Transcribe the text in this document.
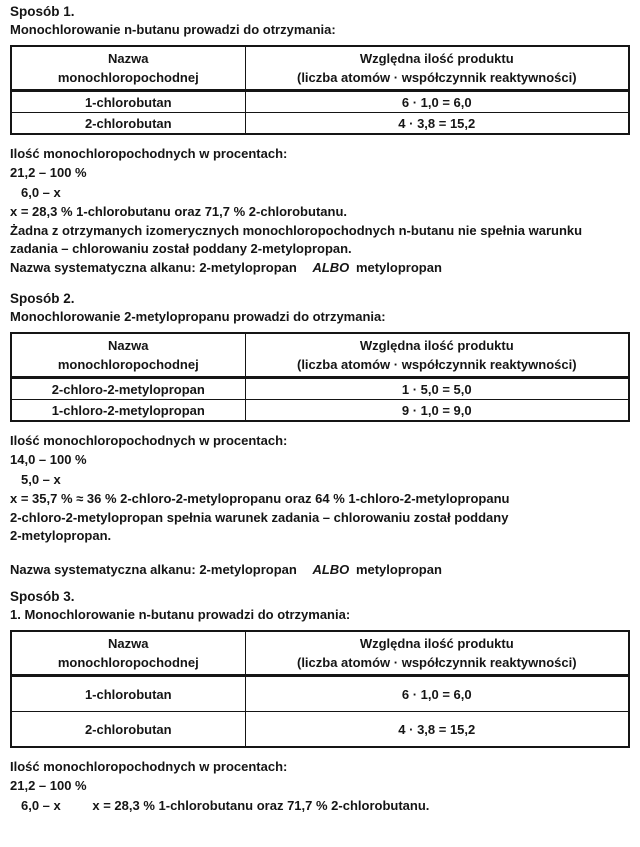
Sposób 1.
Monochlorowanie n-butanu prowadzi do otrzymania:
Nazwa
monochloropochodnej

Względna ilość produktu
(liczba atomów · współczynnik reaktywności)

1-chlorobutan	6 · 1,0 = 6,0
2-chlorobutan	4 · 3,8 = 15,2
Ilość monochloropochodnych w procentach:
21,2 – 100 %
6,0 – x
x = 28,3 % 1-chlorobutanu oraz 71,7 % 2-chlorobutanu.
Żadna z otrzymanych izomerycznych monochloropochodnych n-butanu nie spełnia warunku
zadania – chlorowaniu został poddany 2-metylopropan.
Nazwa systematyczna alkanu: 2-metylopropan ALBO metylopropan
Sposób 2.
Monochlorowanie 2-metylopropanu prowadzi do otrzymania:
Nazwa
monochloropochodnej

Względna ilość produktu
(liczba atomów · współczynnik reaktywności)

2-chloro-2-metylopropan	1 · 5,0 = 5,0
1-chloro-2-metylopropan	9 · 1,0 = 9,0
Ilość monochloropochodnych w procentach:
14,0 – 100 %
5,0 – x
x = 35,7 % ≈ 36 % 2-chloro-2-metylopropanu oraz 64 % 1-chloro-2-metylopropanu
2-chloro-2-metylopropan spełnia warunek zadania – chlorowaniu został poddany
2-metylopropan.
Nazwa systematyczna alkanu: 2-metylopropan ALBO metylopropan
Sposób 3.
1. Monochlorowanie n-butanu prowadzi do otrzymania:
Nazwa
monochloropochodnej

Względna ilość produktu
(liczba atomów · współczynnik reaktywności)

1-chlorobutan	6 · 1,0 = 6,0
2-chlorobutan	4 · 3,8 = 15,2
Ilość monochloropochodnych w procentach:
21,2 – 100 %
6,0 – x x = 28,3 % 1-chlorobutanu oraz 71,7 % 2-chlorobutanu.
